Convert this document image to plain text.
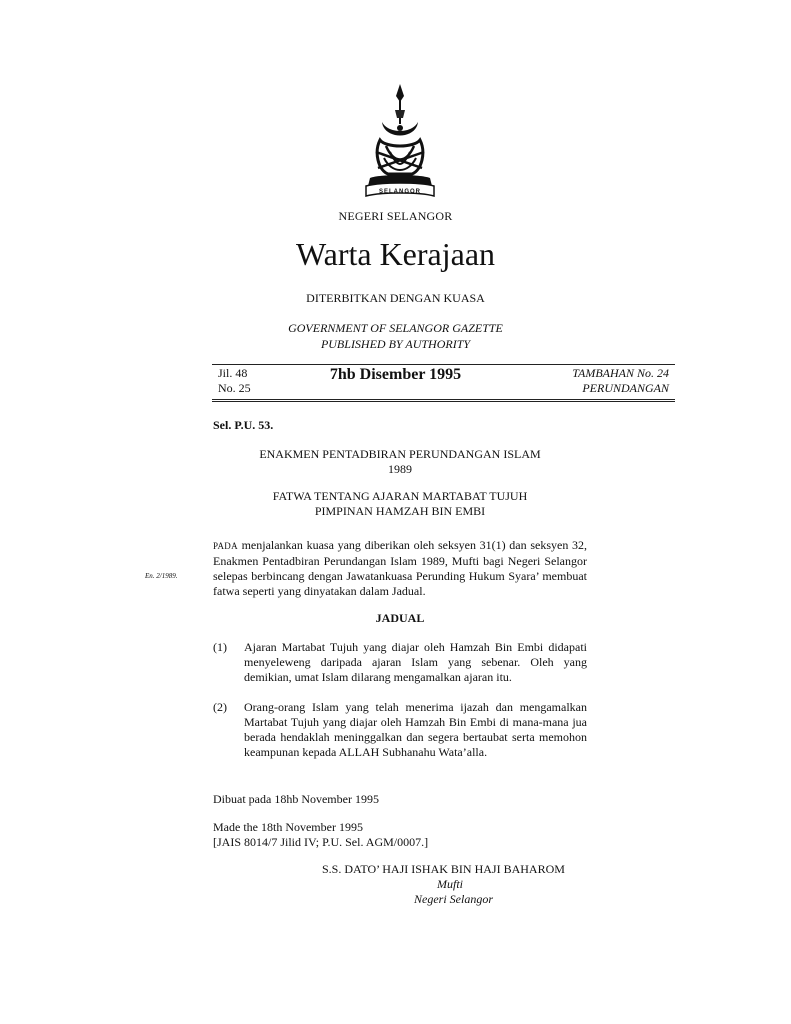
SELANGOR
NEGERI SELANGOR
Warta Kerajaan
DITERBITKAN DENGAN KUASA
GOVERNMENT OF SELANGOR GAZETTE
PUBLISHED BY AUTHORITY
Jil. 48
No. 25
7hb Disember 1995	TAMBAHAN No. 24
PERUNDANGAN
Sel. P.U. 53.
ENAKMEN PENTADBIRAN PERUNDANGAN ISLAM
1989
FATWA TENTANG AJARAN MARTABAT TUJUH
PIMPINAN HAMZAH BIN EMBI
En. 2/1989.
PADA menjalankan kuasa yang diberikan oleh seksyen 31(1) dan seksyen 32, Enakmen Pentadbiran Perundangan Islam 1989, Mufti bagi Negeri Selangor selepas berbincang dengan Jawatankuasa Perunding Hukum Syara’ membuat fatwa seperti yang dinyatakan dalam Jadual.
JADUAL
(1) Ajaran Martabat Tujuh yang diajar oleh Hamzah Bin Embi didapati menyeleweng daripada ajaran Islam yang sebenar. Oleh yang demikian, umat Islam dilarang mengamalkan ajaran itu.
(2) Orang-orang Islam yang telah menerima ijazah dan mengamalkan Martabat Tujuh yang diajar oleh Hamzah Bin Embi di mana-mana jua berada hendaklah meninggalkan dan segera bertaubat serta memohon keampunan kepada ALLAH Subhanahu Wata’alla.
Dibuat pada 18hb November 1995
Made the 18th November 1995
[JAIS 8014/7 Jilid IV; P.U. Sel. AGM/0007.]
S.S. DATO’ HAJI ISHAK BIN HAJI BAHAROM
Mufti
Negeri Selangor
